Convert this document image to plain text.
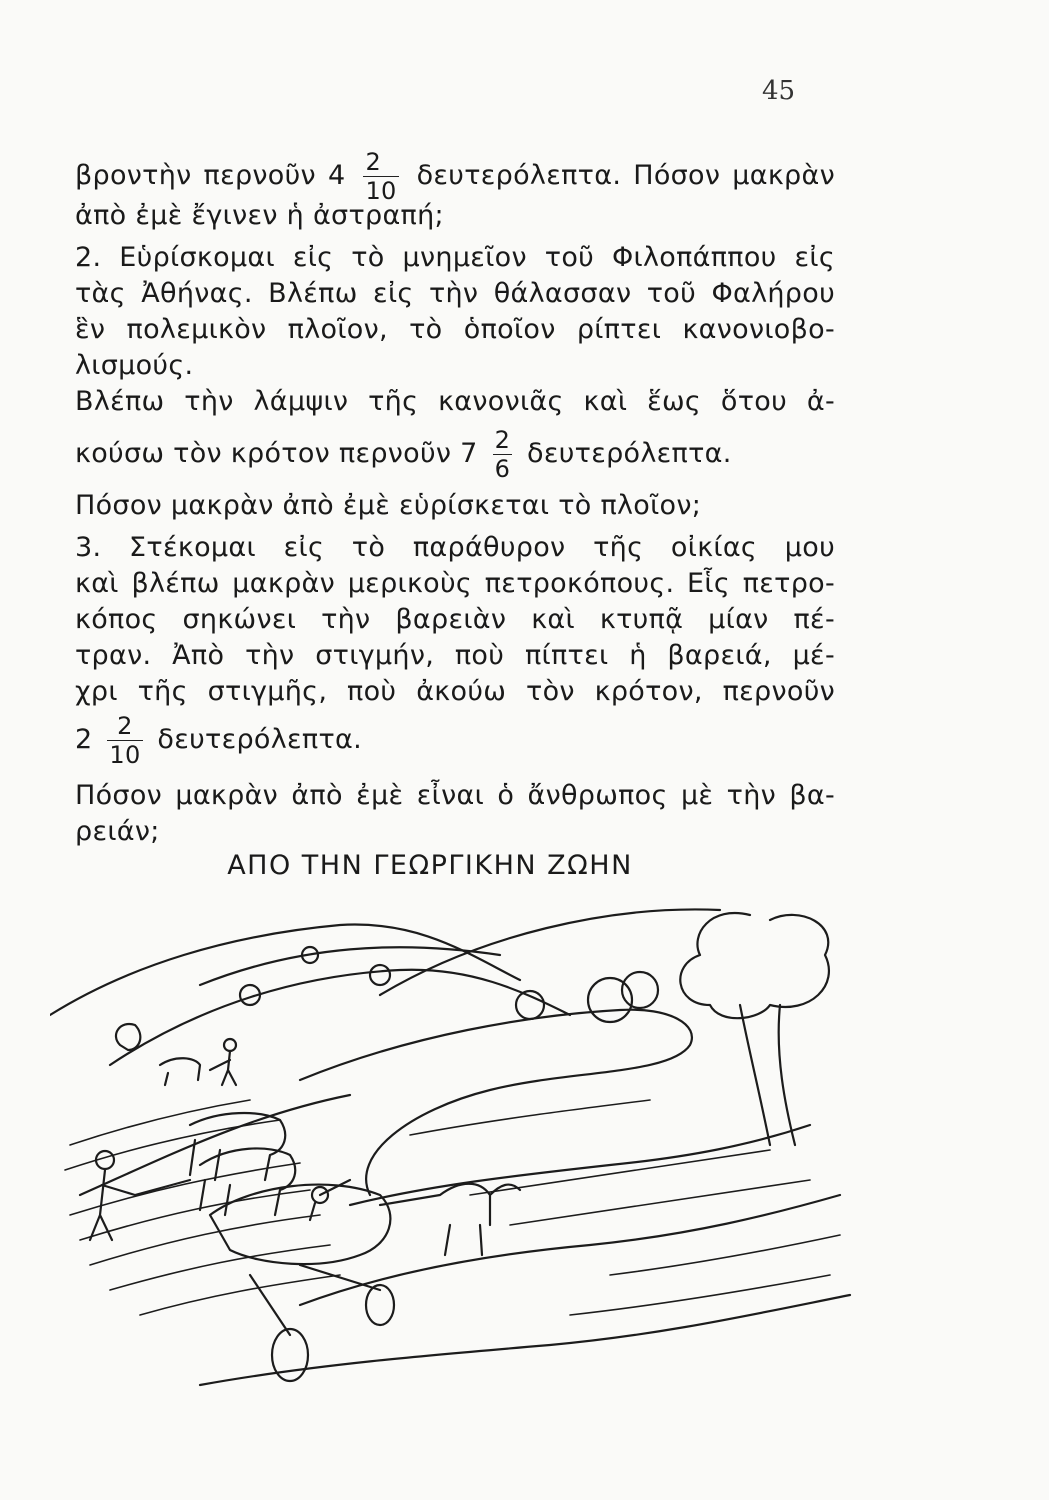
45
βροντὴν περνοῦν $4 \frac{2}{10} \delta\varepsilon\upsilon\tau\varepsilon\rho ό\lambda\varepsilon\pi\tau\alpha$. Πόσον μακρὰν
ἀπὸ ἐμὲ ἔγινεν ἡ ἀστραπή;
2. Εὑρίσκομαι εἰς τὸ μνημεῖον τοῦ Φιλοπάππου εἰς
τὰς Ἀθήνας. Βλέπω εἰς τὴν θάλασσαν τοῦ Φαλήρου
ἓν πολεμικὸν πλοῖον, τὸ ὁποῖον ρίπτει κανονιοβο-
λισμούς.
Βλέπω τὴν λάμψιν τῆς κανονιᾶς καὶ ἕως ὅτου ἀ-
κούσω τὸν κρότον περνοῦν $7 \frac{2}{6} \delta\varepsilon\upsilon\tau\varepsilon\rho ό\lambda\varepsilon\pi\tau\alpha$.
Πόσον μακρὰν ἀπὸ ἐμὲ εὑρίσκεται τὸ πλοῖον;
3. Στέκομαι εἰς τὸ παράθυρον τῆς οἰκίας μου
καὶ βλέπω μακρὰν μερικοὺς πετροκόπους. Εἷς πετρο-
κόπος σηκώνει τὴν βαρειὰν καὶ κτυπᾷ μίαν πέ-
τραν. Ἀπὸ τὴν στιγμήν, ποὺ πίπτει ἡ βαρειά, μέ-
χρι τῆς στιγμῆς, ποὺ ἀκούω τὸν κρότον, περνοῦν
$2 \frac{2}{10} \delta\varepsilon\upsilon\tau\varepsilon\rho ό\lambda\varepsilon\pi\tau\alpha$.
Πόσον μακρὰν ἀπὸ ἐμὲ εἶναι ὁ ἄνθρωπος μὲ τὴν βα-
ρειάν;
ΑΠΟ ΤΗΝ ΓΕΩΡΓΙΚΗΝ ΖΩΗΝ
